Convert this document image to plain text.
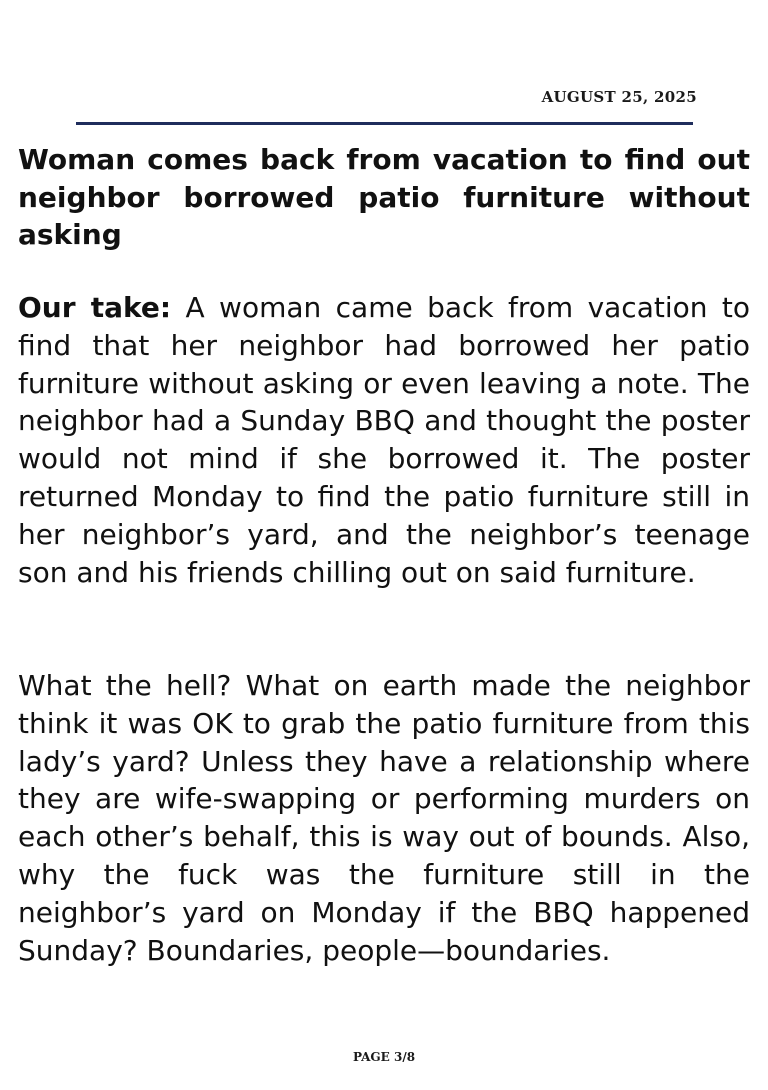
AUGUST 25, 2025
Woman comes back from vacation to find out neighbor borrowed patio furniture without asking

Our take: A woman came back from vacation to find that her neighbor had borrowed her patio furniture without asking or even leaving a note. The neighbor had a Sunday BBQ and thought the poster would not mind if she borrowed it. The poster returned Monday to find the patio furniture still in her neighbor’s yard, and the neighbor’s teenage son and his friends chilling out on said furniture.

What the hell? What on earth made the neighbor think it was OK to grab the patio furniture from this lady’s yard? Unless they have a relationship where they are wife-swapping or performing murders on each other’s behalf, this is way out of bounds. Also, why the fuck was the furniture still in the neighbor’s yard on Monday if the BBQ happened Sunday? Boundaries, people—boundaries.

PAGE 3/8
